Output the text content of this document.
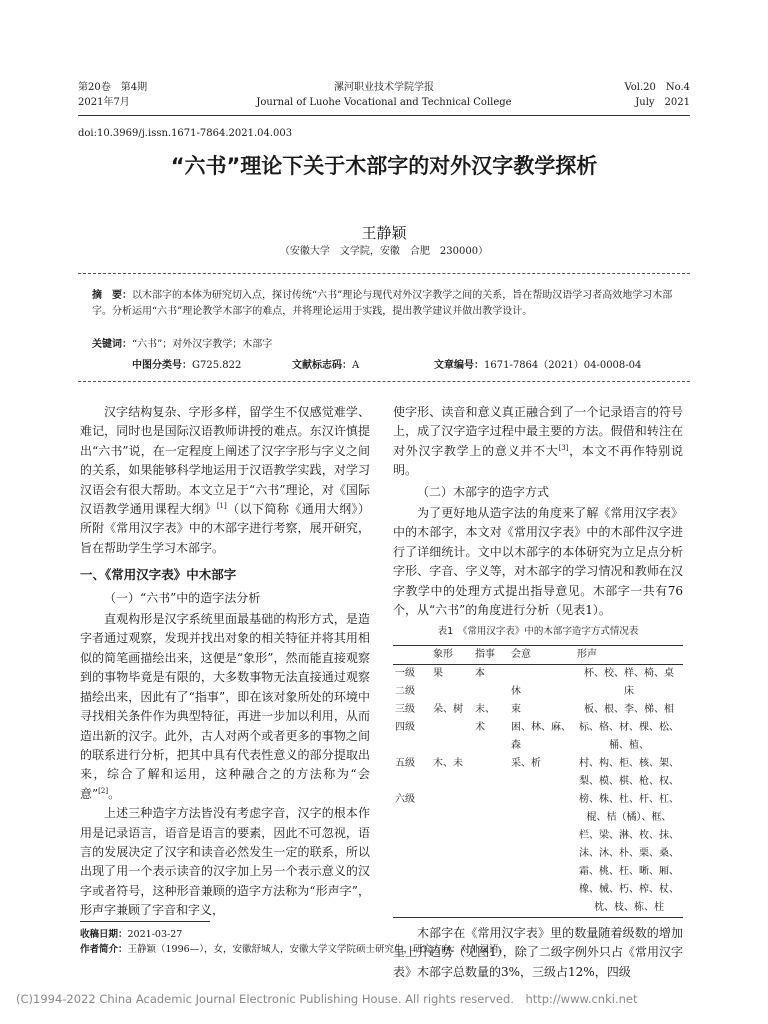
第20卷　第4期
2021年7月
漯河职业技术学院学报
Journal of Luohe Vocational and Technical College
Vol.20　No.4
July　2021
doi:10.3969/j.issn.1671-7864.2021.04.003
“六书”理论下关于木部字的对外汉字教学探析
王静颖
（安徽大学　文学院，安徽　合肥　230000）
摘　要：以木部字的本体为研究切入点，探讨传统“六书”理论与现代对外汉字教学之间的关系，旨在帮助汉语学习者高效地学习木部字。分析运用“六书”理论教学木部字的难点，并将理论运用于实践，提出教学建议并做出教学设计。
关键词：“六书”；对外汉字教学；木部字
中图分类号：G725.822	文献标志码：A	文章编号：1671-7864（2021）04-0008-04

汉字结构复杂、字形多样，留学生不仅感觉难学、难记，同时也是国际汉语教师讲授的难点。东汉许慎提出“六书”说，在一定程度上阐述了汉字字形与字义之间的关系，如果能够科学地运用于汉语教学实践，对学习汉语会有很大帮助。本文立足于“六书”理论，对《国际汉语教学通用课程大纲》[1]（以下简称《通用大纲》）所附《常用汉字表》中的木部字进行考察，展开研究，旨在帮助学生学习木部字。

一、《常用汉字表》中木部字
（一）“六书”中的造字法分析

直观构形是汉字系统里面最基础的构形方式，是造字者通过观察，发现并找出对象的相关特征并将其用相似的简笔画描绘出来，这便是“象形”，然而能直接观察到的事物毕竟是有限的，大多数事物无法直接通过观察描绘出来，因此有了“指事”，即在该对象所处的环境中寻找相关条件作为典型特征，再进一步加以利用，从而造出新的汉字。此外，古人对两个或者更多的事物之间的联系进行分析，把其中具有代表性意义的部分提取出来，综合了解和运用，这种融合之的方法称为“会意”[2]。

上述三种造字方法皆没有考虑字音，汉字的根本作用是记录语言，语音是语言的要素，因此不可忽视，语言的发展决定了汉字和读音必然发生一定的联系，所以出现了用一个表示读音的汉字加上另一个表示意义的汉字或者符号，这种形音兼顾的造字方法称为“形声字”，形声字兼顾了字音和字义，

使字形、读音和意义真正融合到了一个记录语言的符号上，成了汉字造字过程中最主要的方法。假借和转注在对外汉字教学上的意义并不大[3]，本文不再作特别说明。

（二）木部字的造字方式

为了更好地从造字法的角度来了解《常用汉字表》中的木部字，本文对《常用汉字表》中的木部件汉字进行了详细统计。文中以木部字的本体研究为立足点分析字形、字音、字义等，对木部字的学习情况和教师在汉字教学中的处理方式提出指导意见。木部字一共有76个，从“六书”的角度进行分析（见表1）。

表1　《常用汉字表》中的木部字造字方式情况表
	象形	指事	会意	形声
一级	果	本		杯、校、样、椅、桌
二级			休	床
三级	朵、树	末、	束	板、根、李、梯、相
四级		术	困、林、麻、森	标、格、材、棵、松、桶、植、
五级	木、未		采、析	村、构、柜、核、架、梨、模、棋、枪、权、
六级				榜、株、杜、杆、杠、棍、桔（橘）、框、栏、梁、淋、枚、抹、沫、沐、朴、栗、桑、霜、桃、枉、晰、厢、橡、械、朽、榨、杖、枕、枝、栋、柱

木部字在《常用汉字表》里的数量随着级数的增加呈上升趋势（见图1），除了二级字例外只占《常用汉字表》木部字总数量的3%，三级占12%，四级

收稿日期：2021-03-27
作者简介：王静颖（1996—），女，安徽舒城人，安徽大学文学院硕士研究生，研究方向：对外汉语。
(C)1994-2022 China Academic Journal Electronic Publishing House. All rights reserved.　http://www.cnki.net
